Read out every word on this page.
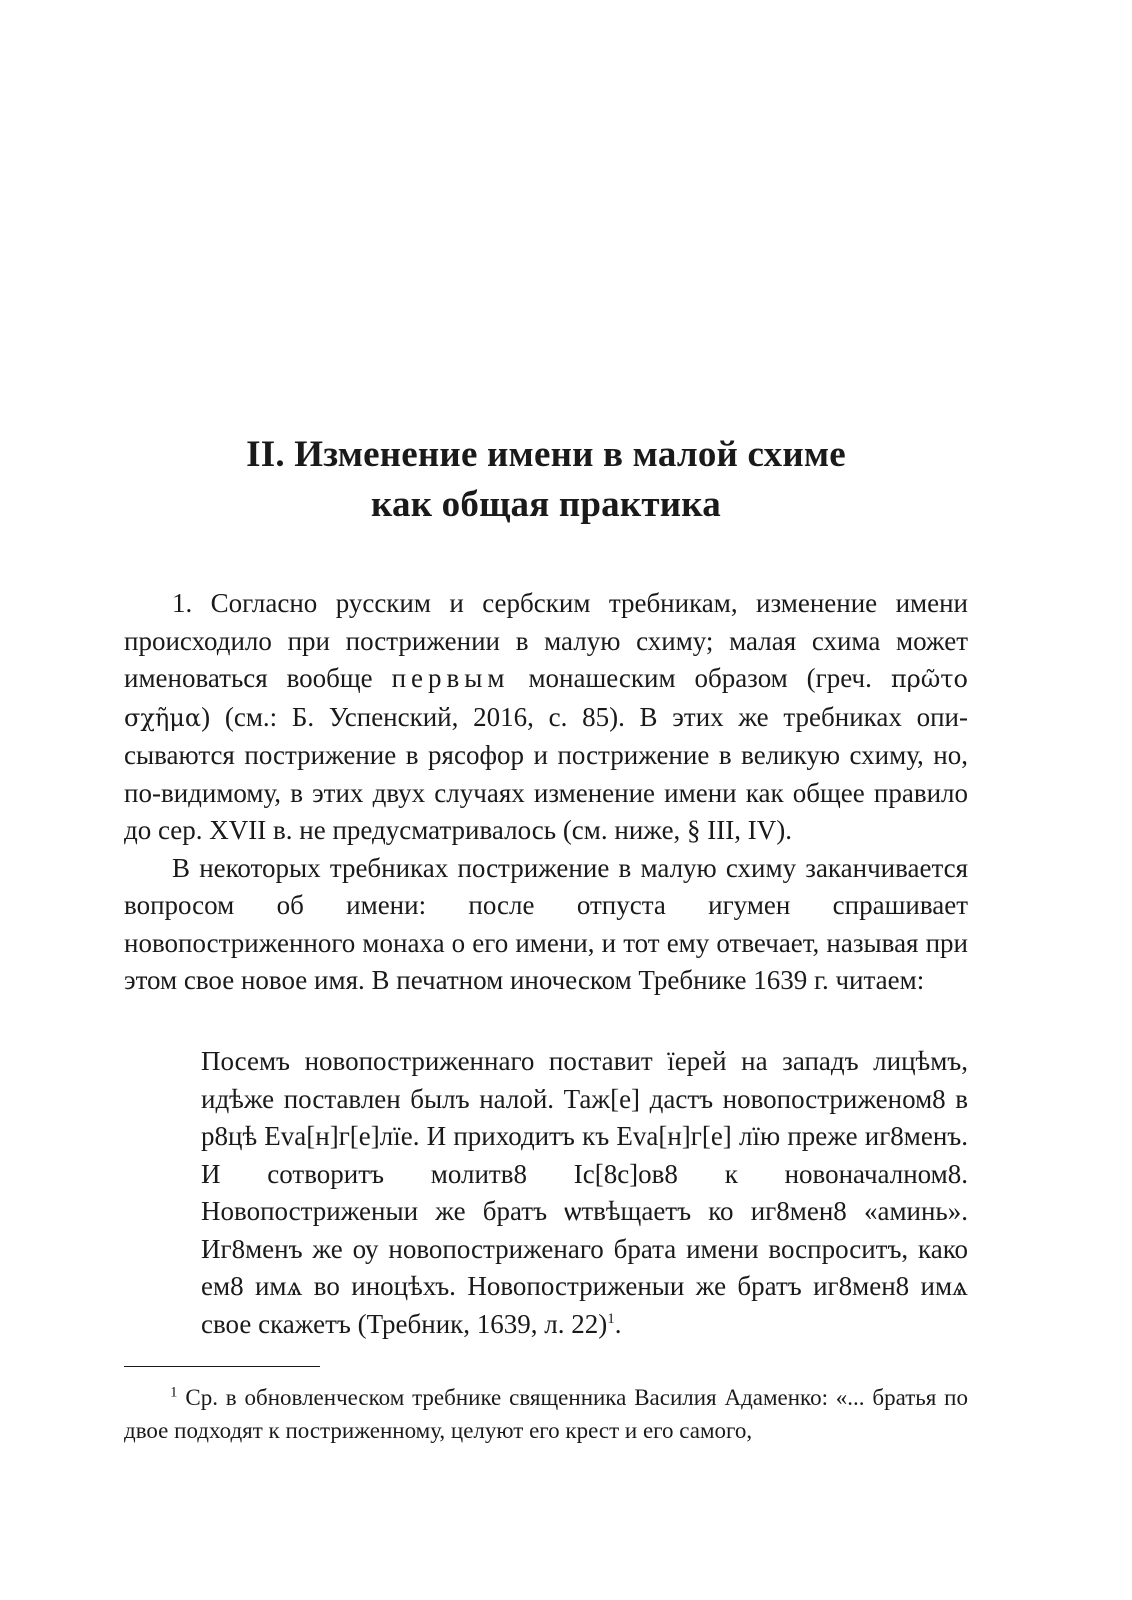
II. Изменение имени в малой схиме
как общая практика

1. Согласно русским и сербским требникам, изменение имени происходило при пострижении в малую схиму; малая схима может именоваться вообще первым монашеским образом (греч. πρῶτο σχῆμα) (см.: Б. Успенский, 2016, с. 85). В этих же требниках описываются пострижение в рясофор и пострижение в великую схиму, но, по-видимому, в этих двух случаях изменение имени как общее правило до сер. XVII в. не предусматривалось (см. ниже, § III, IV).

В некоторых требниках пострижение в малую схиму заканчивается вопросом об имени: после отпуста игумен спрашивает новопостриженного монаха о его имени, и тот ему отвечает, называя при этом свое новое имя. В печатном иноческом Требнике 1639 г. читаем:

Посемъ новопостриженнаго поставит ïерей на западъ лицѣмъ, идѣже поставлен былъ налой. Таж[е] дастъ новопостриженом8 в р8цѣ Eva[н]г[е]лïе. И приходитъ къ Eva[н]г[е] лïю преже иг8менъ. И сотворитъ молитв8 Iс[8с]ов8 к новоначалном8. Новопостриженыи же братъ ѡтвѣщаетъ ко иг8мен8 «аминь». Иг8менъ же оу новопостриженаго брата имени воспроситъ, како ем8 имѧ во иноцѣхъ. Новопостриженыи же братъ иг8мен8 имѧ свое скажетъ (Требник, 1639, л. 22)$^1$.

$^1$ Ср. в обновленческом требнике священника Василия Адаменко: «... братья по двое подходят к постриженному, целуют его крест и его самого,
